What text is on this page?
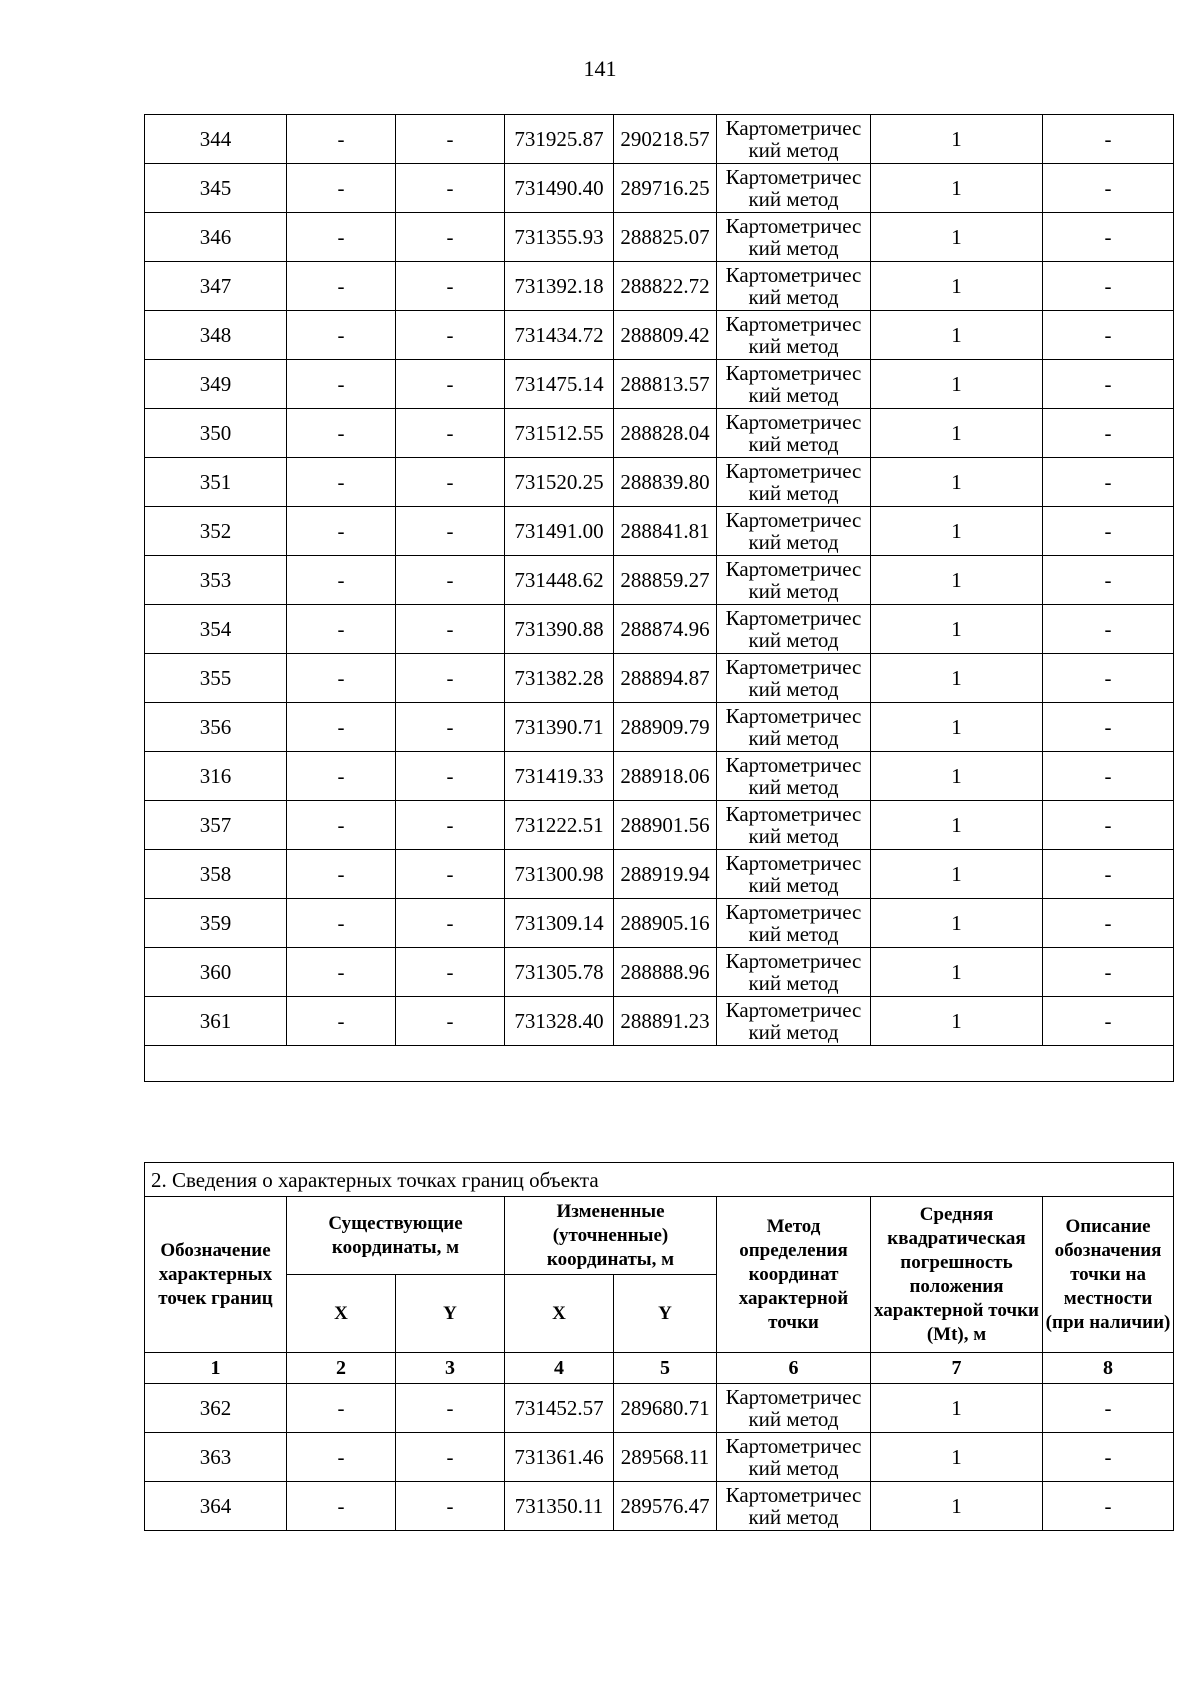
141
344	-	-	731925.87	290218.57	Картометричес кий метод	1	-
345	-	-	731490.40	289716.25	Картометричес кий метод	1	-
346	-	-	731355.93	288825.07	Картометричес кий метод	1	-
347	-	-	731392.18	288822.72	Картометричес кий метод	1	-
348	-	-	731434.72	288809.42	Картометричес кий метод	1	-
349	-	-	731475.14	288813.57	Картометричес кий метод	1	-
350	-	-	731512.55	288828.04	Картометричес кий метод	1	-
351	-	-	731520.25	288839.80	Картометричес кий метод	1	-
352	-	-	731491.00	288841.81	Картометричес кий метод	1	-
353	-	-	731448.62	288859.27	Картометричес кий метод	1	-
354	-	-	731390.88	288874.96	Картометричес кий метод	1	-
355	-	-	731382.28	288894.87	Картометричес кий метод	1	-
356	-	-	731390.71	288909.79	Картометричес кий метод	1	-
316	-	-	731419.33	288918.06	Картометричес кий метод	1	-
357	-	-	731222.51	288901.56	Картометричес кий метод	1	-
358	-	-	731300.98	288919.94	Картометричес кий метод	1	-
359	-	-	731309.14	288905.16	Картометричес кий метод	1	-
360	-	-	731305.78	288888.96	Картометричес кий метод	1	-
361	-	-	731328.40	288891.23	Картометричес кий метод	1	-

2. Сведения о характерных точках границ объекта							
Обозначение характерных точек границ	Существующие координаты, м		Измененные (уточненные) координаты, м		Метод определения координат характерной точки	Средняя квадратическая погрешность положения характерной точки (Mt), м	Описание обозначения точки на местности (при наличии)
	X	Y	X	Y			
1	2	3	4	5	6	7	8
362	-	-	731452.57	289680.71	Картометричес кий метод	1	-
363	-	-	731361.46	289568.11	Картометричес кий метод	1	-
364	-	-	731350.11	289576.47	Картометричес кий метод	1	-
